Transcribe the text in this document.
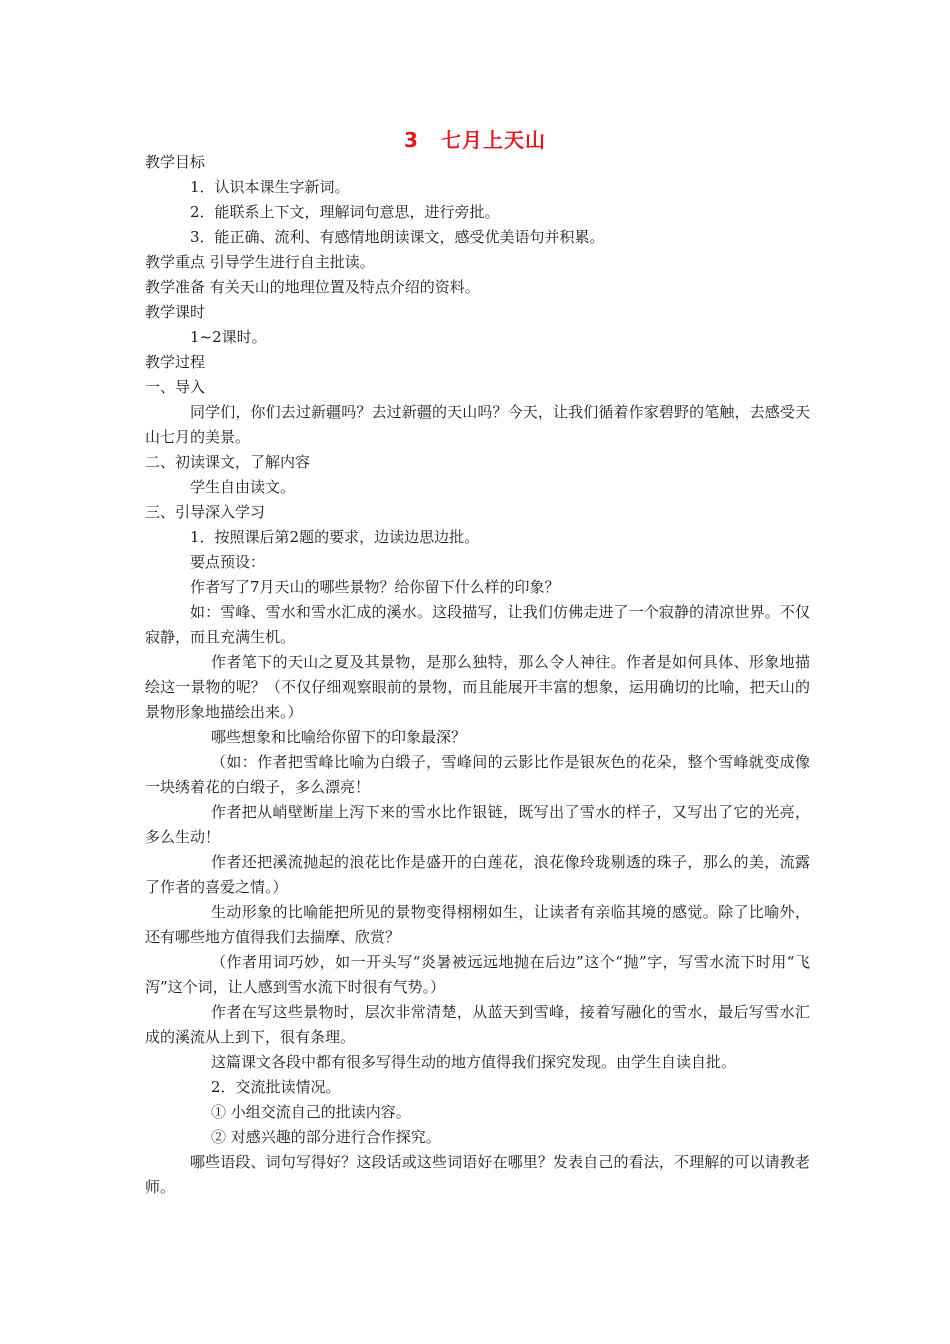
3 七月上天山
教学目标
1．认识本课生字新词。
2．能联系上下文，理解词句意思，进行旁批。
3．能正确、流利、有感情地朗读课文，感受优美语句并积累。
教学重点 引导学生进行自主批读。
教学准备 有关天山的地理位置及特点介绍的资料。
教学课时
1~2课时。
教学过程
一、导入
同学们，你们去过新疆吗？去过新疆的天山吗？今天，让我们循着作家碧野的笔触，去感受天山七月的美景。
二、初读课文，了解内容
学生自由读文。
三、引导深入学习
1．按照课后第2题的要求，边读边思边批。
要点预设：
作者写了7月天山的哪些景物？给你留下什么样的印象？
如：雪峰、雪水和雪水汇成的溪水。这段描写，让我们仿佛走进了一个寂静的清凉世界。不仅寂静，而且充满生机。
作者笔下的天山之夏及其景物，是那么独特，那么令人神往。作者是如何具体、形象地描绘这一景物的呢？（不仅仔细观察眼前的景物，而且能展开丰富的想象，运用确切的比喻，把天山的景物形象地描绘出来。）
哪些想象和比喻给你留下的印象最深？
（如：作者把雪峰比喻为白缎子，雪峰间的云影比作是银灰色的花朵，整个雪峰就变成像一块绣着花的白缎子，多么漂亮！
作者把从峭壁断崖上泻下来的雪水比作银链，既写出了雪水的样子，又写出了它的光亮，多么生动！
作者还把溪流抛起的浪花比作是盛开的白莲花，浪花像玲珑剔透的珠子，那么的美，流露了作者的喜爱之情。）
生动形象的比喻能把所见的景物变得栩栩如生，让读者有亲临其境的感觉。除了比喻外，还有哪些地方值得我们去揣摩、欣赏？
（作者用词巧妙，如一开头写“炎暑被远远地抛在后边”这个“抛”字，写雪水流下时用“飞泻”这个词，让人感到雪水流下时很有气势。）
作者在写这些景物时，层次非常清楚，从蓝天到雪峰，接着写融化的雪水，最后写雪水汇成的溪流从上到下，很有条理。
这篇课文各段中都有很多写得生动的地方值得我们探究发现。由学生自读自批。
2．交流批读情况。
① 小组交流自己的批读内容。
② 对感兴趣的部分进行合作探究。
哪些语段、词句写得好？这段话或这些词语好在哪里？发表自己的看法，不理解的可以请教老师。
